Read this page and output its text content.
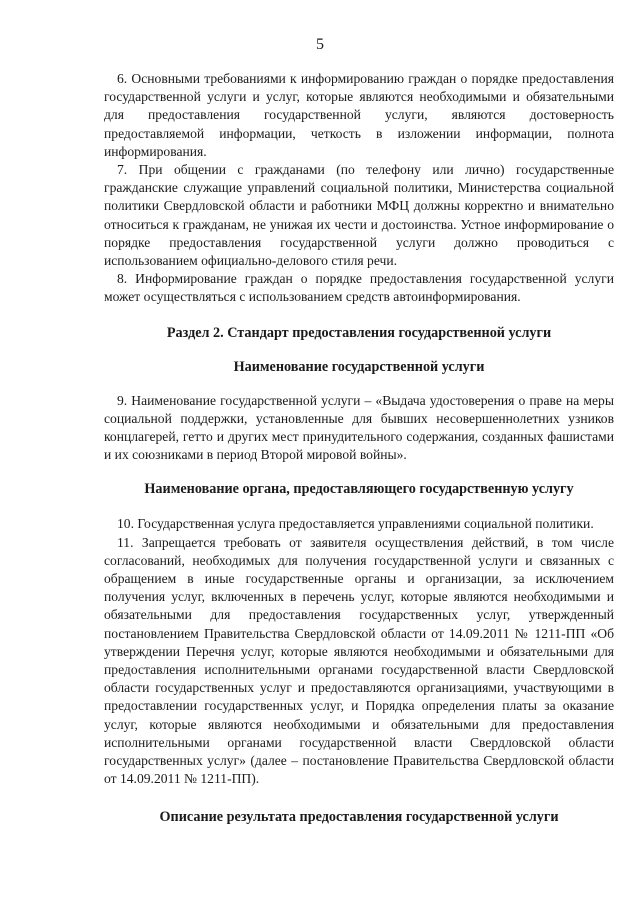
5

6. Основными требованиями к информированию граждан о порядке предоставления государственной услуги и услуг, которые являются необходимыми и обязательными для предоставления государственной услуги, являются достоверность предоставляемой информации, четкость в изложении информации, полнота информирования.

7. При общении с гражданами (по телефону или лично) государственные гражданские служащие управлений социальной политики, Министерства социальной политики Свердловской области и работники МФЦ должны корректно и внимательно относиться к гражданам, не унижая их чести и достоинства. Устное информирование о порядке предоставления государственной услуги должно проводиться с использованием официально-делового стиля речи.

8. Информирование граждан о порядке предоставления государственной услуги может осуществляться с использованием средств автоинформирования.

Раздел 2. Стандарт предоставления государственной услуги
Наименование государственной услуги

9. Наименование государственной услуги – «Выдача удостоверения о праве на меры социальной поддержки, установленные для бывших несовершеннолетних узников концлагерей, гетто и других мест принудительного содержания, созданных фашистами и их союзниками в период Второй мировой войны».

Наименование органа, предоставляющего государственную услугу

10. Государственная услуга предоставляется управлениями социальной политики.

11. Запрещается требовать от заявителя осуществления действий, в том числе согласований, необходимых для получения государственной услуги и связанных с обращением в иные государственные органы и организации, за исключением получения услуг, включенных в перечень услуг, которые являются необходимыми и обязательными для предоставления государственных услуг, утвержденный постановлением Правительства Свердловской области от 14.09.2011 № 1211-ПП «Об утверждении Перечня услуг, которые являются необходимыми и обязательными для предоставления исполнительными органами государственной власти Свердловской области государственных услуг и предоставляются организациями, участвующими в предоставлении государственных услуг, и Порядка определения платы за оказание услуг, которые являются необходимыми и обязательными для предоставления исполнительными органами государственной власти Свердловской области государственных услуг» (далее – постановление Правительства Свердловской области от 14.09.2011 № 1211-ПП).

Описание результата предоставления государственной услуги
